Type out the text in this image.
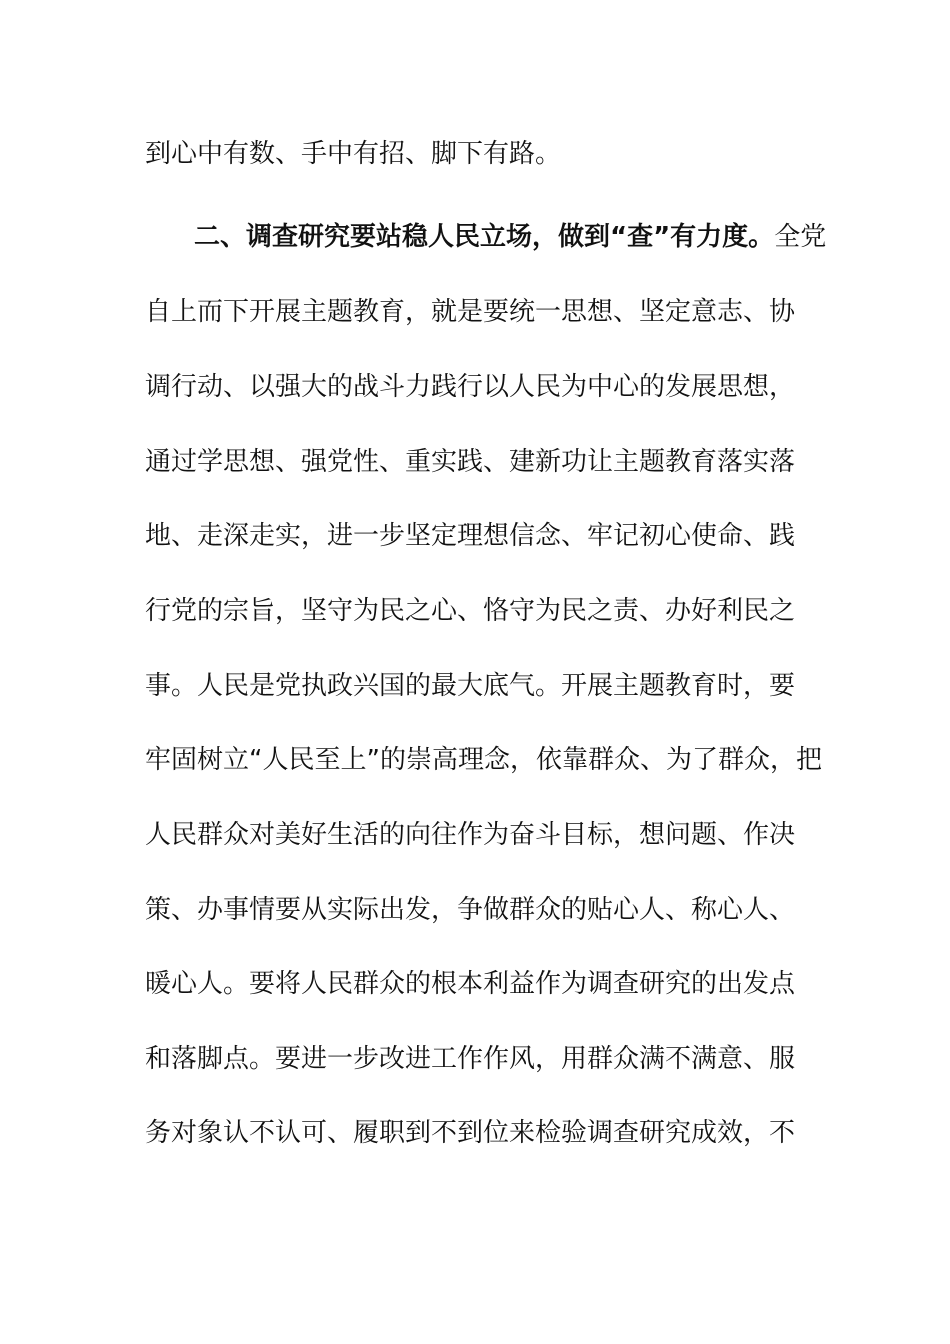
到心中有数、手中有招、脚下有路。
二、调查研究要站稳人民立场，做到“查”有力度。全党
自上而下开展主题教育，就是要统一思想、坚定意志、协
调行动、以强大的战斗力践行以人民为中心的发展思想，
通过学思想、强党性、重实践、建新功让主题教育落实落
地、走深走实，进一步坚定理想信念、牢记初心使命、践
行党的宗旨，坚守为民之心、恪守为民之责、办好利民之
事。人民是党执政兴国的最大底气。开展主题教育时，要
牢固树立“人民至上”的崇高理念，依靠群众、为了群众，把
人民群众对美好生活的向往作为奋斗目标，想问题、作决
策、办事情要从实际出发，争做群众的贴心人、称心人、
暖心人。要将人民群众的根本利益作为调查研究的出发点
和落脚点。要进一步改进工作作风，用群众满不满意、服
务对象认不认可、履职到不到位来检验调查研究成效，不
